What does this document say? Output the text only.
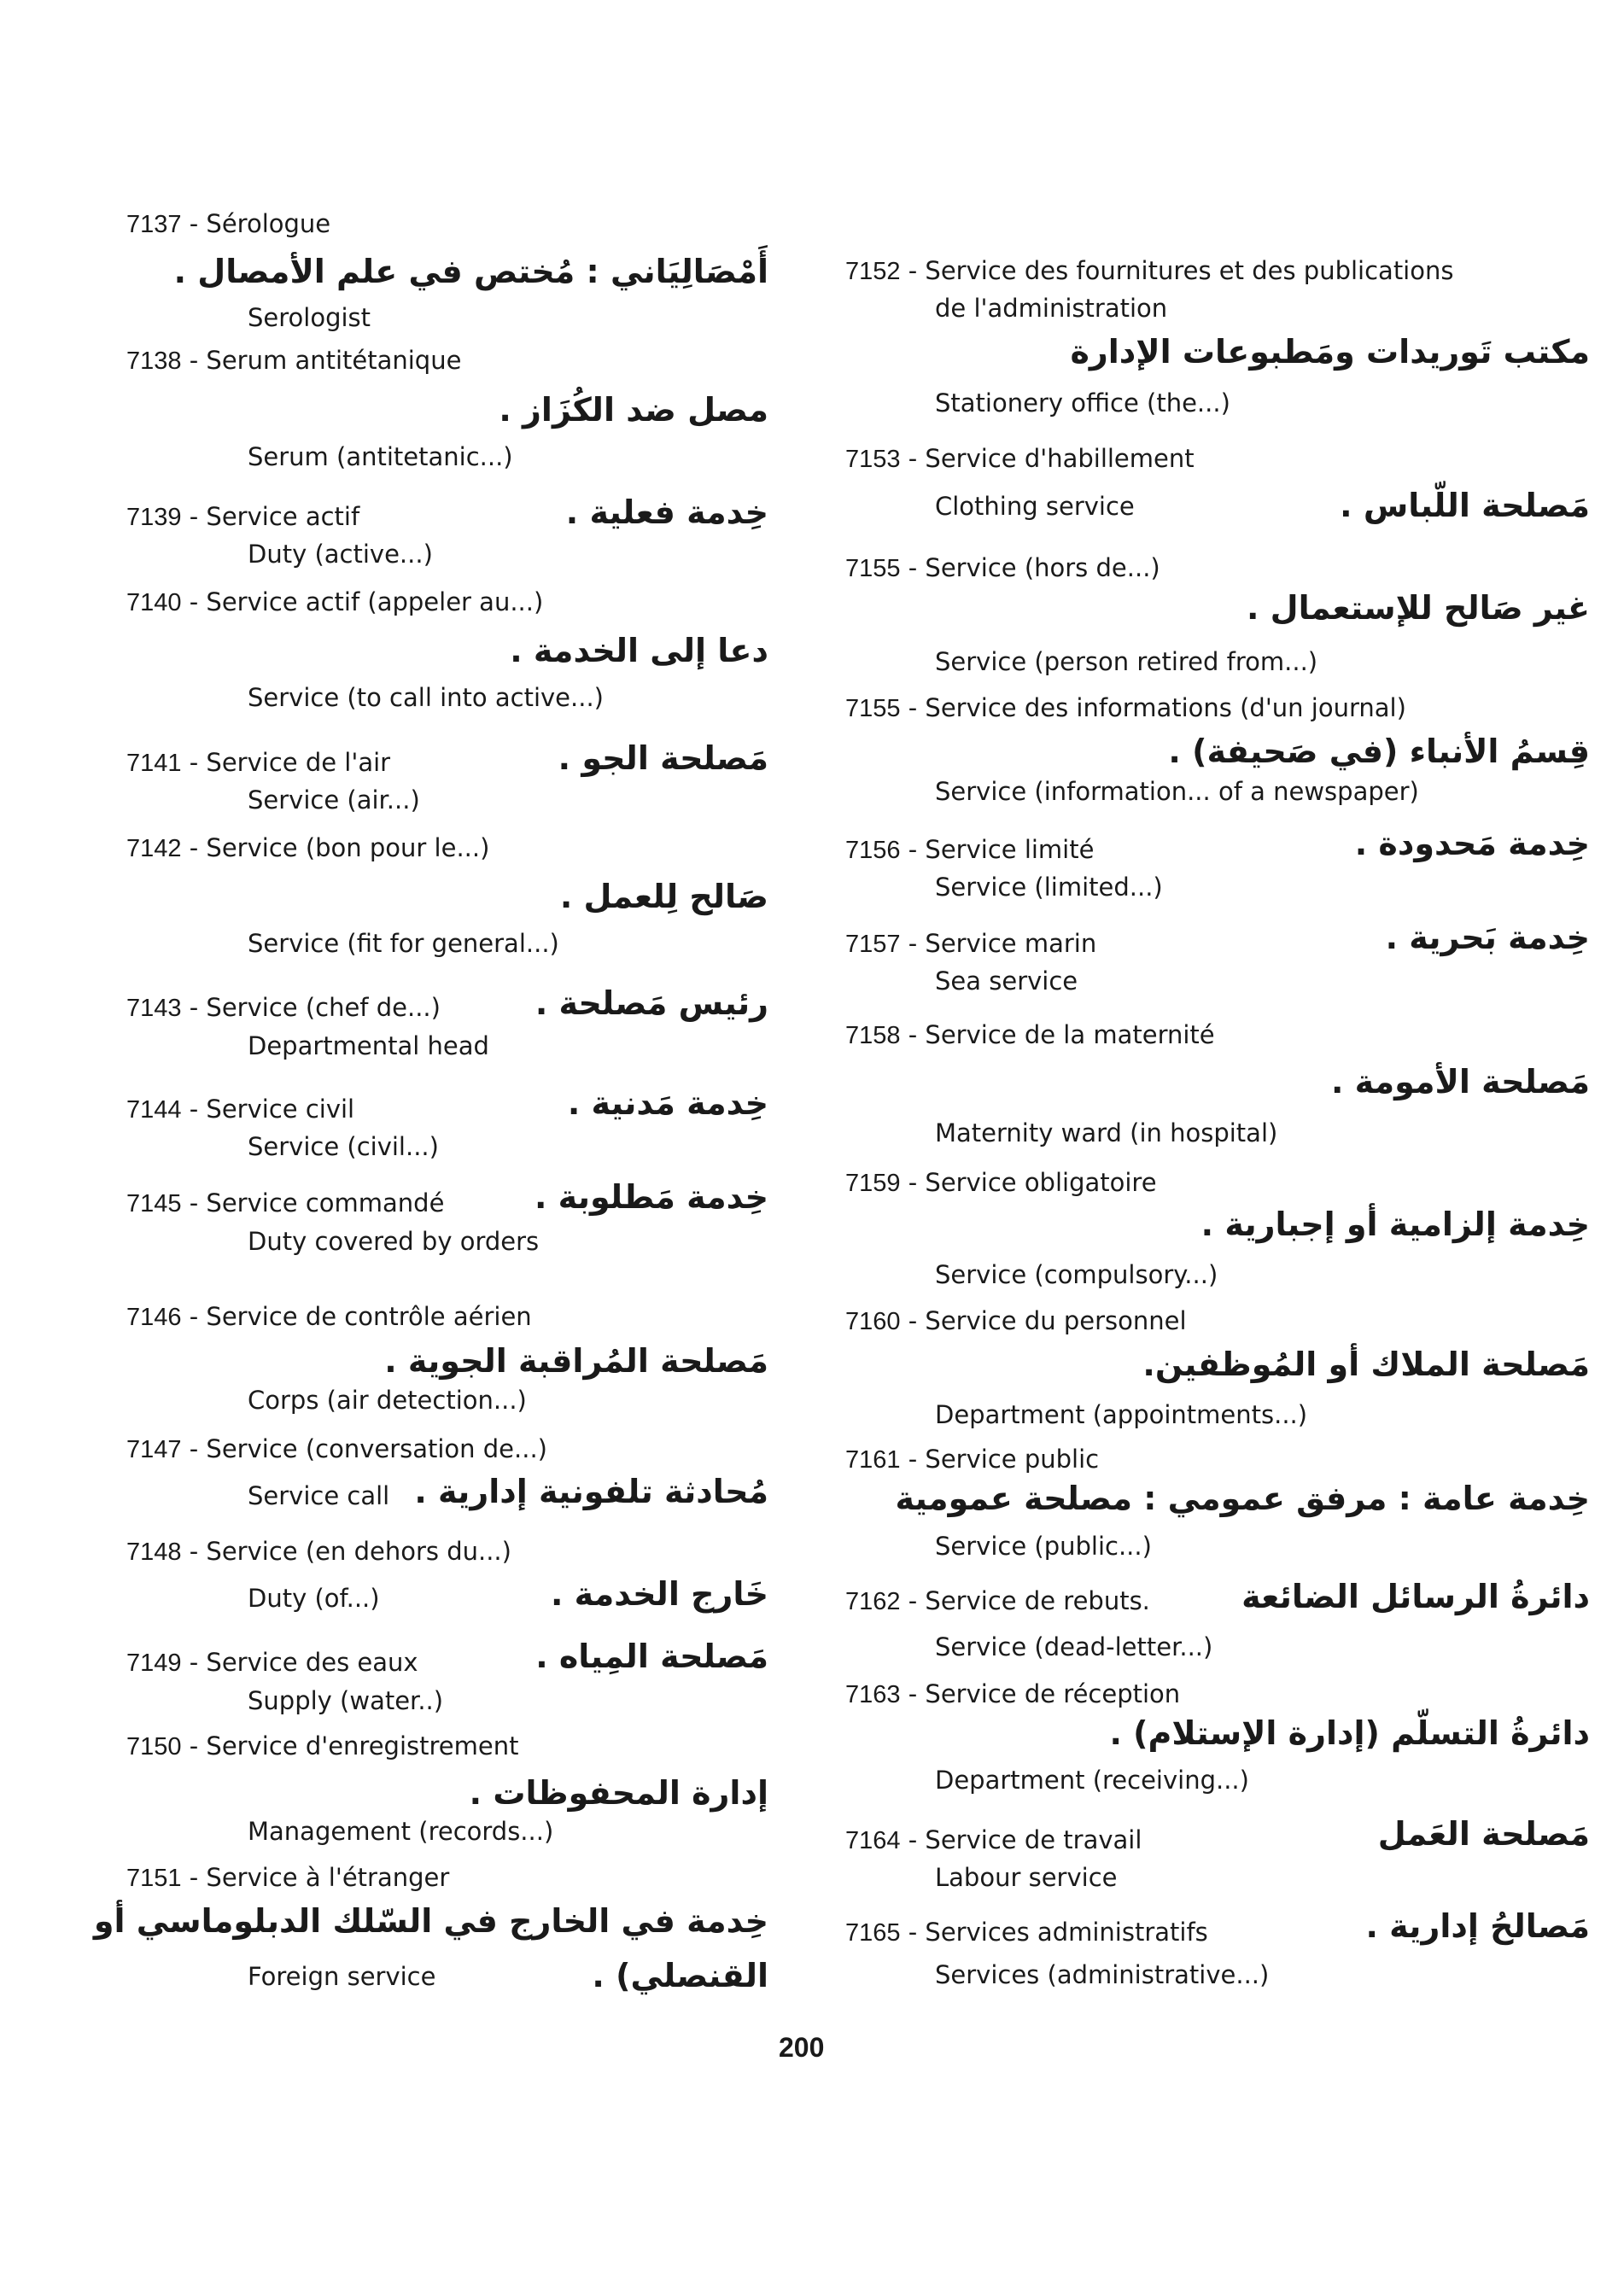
7137 - Sérologue
أَمْصَالِيَاني : مُختص في علم الأمصال .
Serologist
7138 - Serum antitétanique
مصل ضد الكُزَاز .
Serum (antitetanic...)
7139 - Service actif	خِدمة فعلية .
Duty (active...)
7140 - Service actif (appeler au...)
دعا إلى الخدمة .
Service (to call into active...)
7141 - Service de l'air	مَصلحة الجو .
Service (air...)
7142 - Service (bon pour le...)
صَالح لِلعمل .
Service (fit for general...)
7143 - Service (chef de...)	رئيس مَصلحة .
Departmental head
7144 - Service civil	خِدمة مَدنية .
Service (civil...)
7145 - Service commandé	خِدمة مَطلوبة .
Duty covered by orders
7146 - Service de contrôle aérien
مَصلحة المُراقبة الجوية .
Corps (air detection...)
7147 - Service (conversation de...)
مُحادثة تلفونية إدارية .
Service call
7148 - Service (en dehors du...)
خَارج الخدمة .
Duty (of...)
7149 - Service des eaux	مَصلحة المِياه .
Supply (water..)
7150 - Service d'enregistrement
إدارة المحفوظات .
Management (records...)
7151 - Service à l'étranger
خِدمة في الخارج في السّلك الدبلوماسي أو
القنصلي) .
Foreign service
7152 - Service des fournitures et des publications
de l'administration
مكتب تَوريدات ومَطبوعات الإدارة
Stationery office (the...)
7153 - Service d'habillement
مَصلحة اللّباس .
Clothing service
7155 - Service (hors de...)
غير صَالح للإستعمال .
Service (person retired from...)
7155 - Service des informations (d'un journal)
قِسمُ الأنباء (في صَحيفة) .
Service (information... of a newspaper)
7156 - Service limité	خِدمة مَحدودة .
Service (limited...)
7157 - Service marin	خِدمة بَحرية .
Sea service
7158 - Service de la maternité
مَصلحة الأمومة .
Maternity ward (in hospital)
7159 - Service obligatoire
خِدمة إلزامية أو إجبارية .
Service (compulsory...)
7160 - Service du personnel
مَصلحة الملاك أو المُوظفين.
Department (appointments...)
7161 - Service public
خِدمة عامة : مرفق عمومي : مصلحة عمومية
Service (public...)
7162 - Service de rebuts.	دائرةُ الرسائل الضائعة
Service (dead-letter...)
7163 - Service de réception
دائرةُ التسلّم (إدارة الإستلام) .
Department (receiving...)
7164 - Service de travail	مَصلحة العَمل
Labour service
7165 - Services administratifs	مَصالحُ إدارية .
Services (administrative...)
200
